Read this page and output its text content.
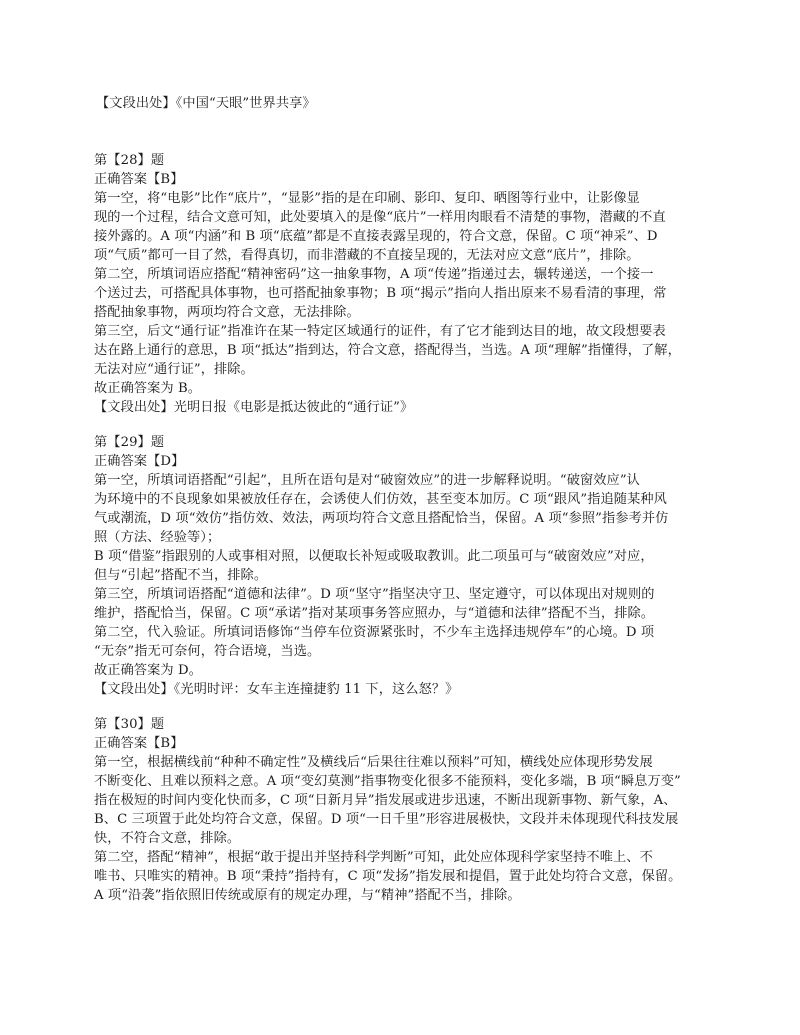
【文段出处】《中国“天眼”世界共享》
第【28】题
正确答案【B】
第一空，将“电影”比作“底片”，“显影”指的是在印刷、影印、复印、晒图等行业中，让影像显
现的一个过程，结合文意可知，此处要填入的是像“底片”一样用肉眼看不清楚的事物，潜藏的不直
接外露的。A 项“内涵”和 B 项“底蕴”都是不直接表露呈现的，符合文意，保留。C 项“神采”、D
项“气质”都可一目了然，看得真切，而非潜藏的不直接呈现的，无法对应文意“底片”，排除。
第二空，所填词语应搭配“精神密码”这一抽象事物，A 项“传递”指递过去，辗转递送，一个接一
个送过去，可搭配具体事物，也可搭配抽象事物；B 项“揭示”指向人指出原来不易看清的事理，常
搭配抽象事物，两项均符合文意，无法排除。
第三空，后文“通行证”指准许在某一特定区域通行的证件，有了它才能到达目的地，故文段想要表
达在路上通行的意思，B 项“抵达”指到达，符合文意，搭配得当，当选。A 项“理解”指懂得，了解，
无法对应“通行证”，排除。
故正确答案为 B。
【文段出处】光明日报《电影是抵达彼此的“通行证”》
第【29】题
正确答案【D】
第一空，所填词语搭配“引起”，且所在语句是对“破窗效应”的进一步解释说明。“破窗效应”认
为环境中的不良现象如果被放任存在，会诱使人们仿效，甚至变本加厉。C 项“跟风”指追随某种风
气或潮流，D 项“效仿”指仿效、效法，两项均符合文意且搭配恰当，保留。A 项“参照”指参考并仿
照（方法、经验等）；
B 项“借鉴”指跟别的人或事相对照，以便取长补短或吸取教训。此二项虽可与“破窗效应”对应，
但与“引起”搭配不当，排除。
第三空，所填词语搭配“道德和法律”。D 项“坚守”指坚决守卫、坚定遵守，可以体现出对规则的
维护，搭配恰当，保留。C 项“承诺”指对某项事务答应照办，与“道德和法律”搭配不当，排除。
第二空，代入验证。所填词语修饰“当停车位资源紧张时，不少车主选择违规停车”的心境。D 项
“无奈”指无可奈何，符合语境，当选。
故正确答案为 D。
【文段出处】《光明时评：女车主连撞捷豹 11 下，这么怒？》
第【30】题
正确答案【B】
第一空，根据横线前“种种不确定性”及横线后“后果往往难以预料”可知，横线处应体现形势发展
不断变化、且难以预料之意。A 项“变幻莫测”指事物变化很多不能预料，变化多端，B 项“瞬息万变”
指在极短的时间内变化快而多，C 项“日新月异”指发展或进步迅速，不断出现新事物、新气象，A、
B、C 三项置于此处均符合文意，保留。D 项“一日千里”形容进展极快，文段并未体现现代科技发展
快，不符合文意，排除。
第二空，搭配“精神”，根据“敢于提出并坚持科学判断”可知，此处应体现科学家坚持不唯上、不
唯书、只唯实的精神。B 项“秉持”指持有，C 项“发扬”指发展和提倡，置于此处均符合文意，保留。
A 项“沿袭”指依照旧传统或原有的规定办理，与“精神”搭配不当，排除。
